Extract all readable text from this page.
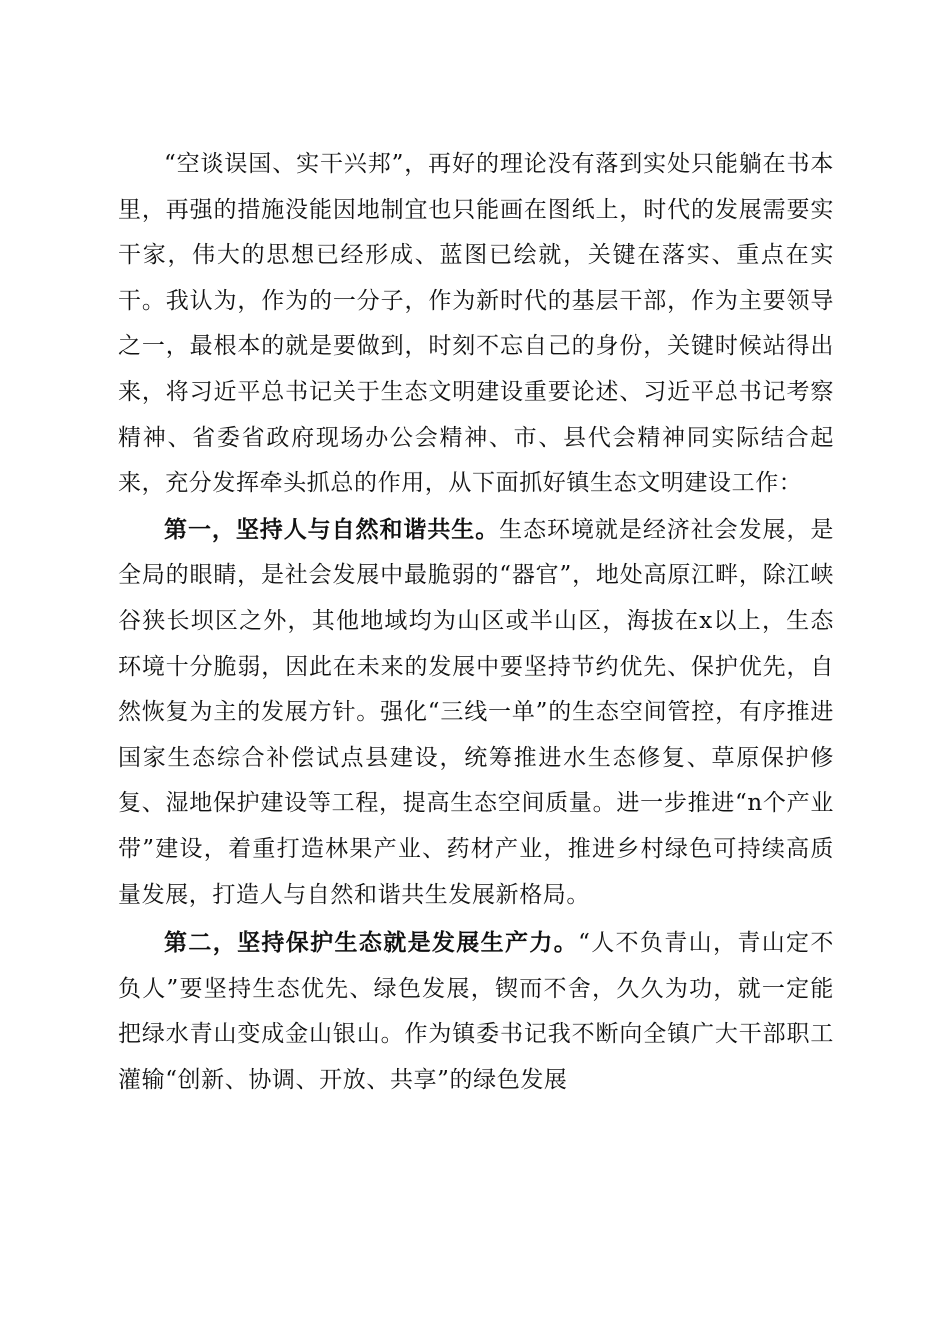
“空谈误国、实干兴邦”，再好的理论没有落到实处只能躺在书本里，再强的措施没能因地制宜也只能画在图纸上，时代的发展需要实干家，伟大的思想已经形成、蓝图已绘就，关键在落实、重点在实干。我认为，作为的一分子，作为新时代的基层干部，作为主要领导之一，最根本的就是要做到，时刻不忘自己的身份，关键时候站得出来，将习近平总书记关于生态文明建设重要论述、习近平总书记考察精神、省委省政府现场办公会精神、市、县代会精神同实际结合起来，充分发挥牵头抓总的作用，从下面抓好镇生态文明建设工作：

第一，坚持人与自然和谐共生。生态环境就是经济社会发展，是全局的眼睛，是社会发展中最脆弱的“器官”，地处高原江畔，除江峡谷狭长坝区之外，其他地域均为山区或半山区，海拔在x以上，生态环境十分脆弱，因此在未来的发展中要坚持节约优先、保护优先，自然恢复为主的发展方针。强化“三线一单”的生态空间管控，有序推进国家生态综合补偿试点县建设，统筹推进水生态修复、草原保护修复、湿地保护建设等工程，提高生态空间质量。进一步推进“n个产业带”建设，着重打造林果产业、药材产业，推进乡村绿色可持续高质量发展，打造人与自然和谐共生发展新格局。

第二，坚持保护生态就是发展生产力。“人不负青山，青山定不负人”要坚持生态优先、绿色发展，锲而不舍，久久为功，就一定能把绿水青山变成金山银山。作为镇委书记我不断向全镇广大干部职工灌输“创新、协调、开放、共享”的绿色发展
